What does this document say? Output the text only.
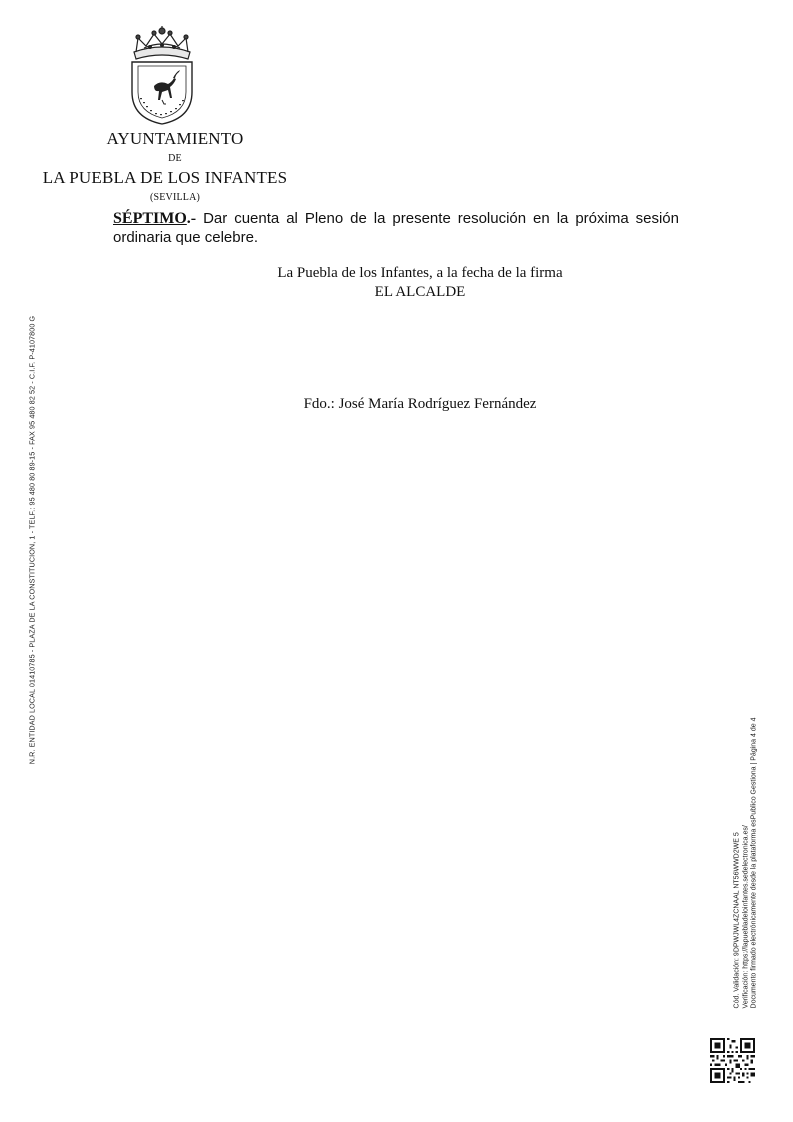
AYUNTAMIENTO
DE
LA PUEBLA DE LOS INFANTES
(SEVILLA)
SÉPTIMO.- Dar cuenta al Pleno de la presente resolución en la próxima sesión ordinaria que celebre.
La Puebla de los Infantes, a la fecha de la firma
EL ALCALDE
Fdo.: José María Rodríguez Fernández
N.R. ENTIDAD LOCAL 01410785 - PLAZA DE LA CONSTITUCION, 1 - TELF.: 95 480 80 89-15 - FAX 95 480 82 52 - C.I.F. P-4107800 G
Cód. Validación: 9DPWJWL4ZCNAAL NT56WWD2WE 5 Verificación: https://lapuebladeloinfantes.sedelectronica.es/ Documento firmado electrónicamente desde la plataforma esPublico Gestiona | Página 4 de 4
